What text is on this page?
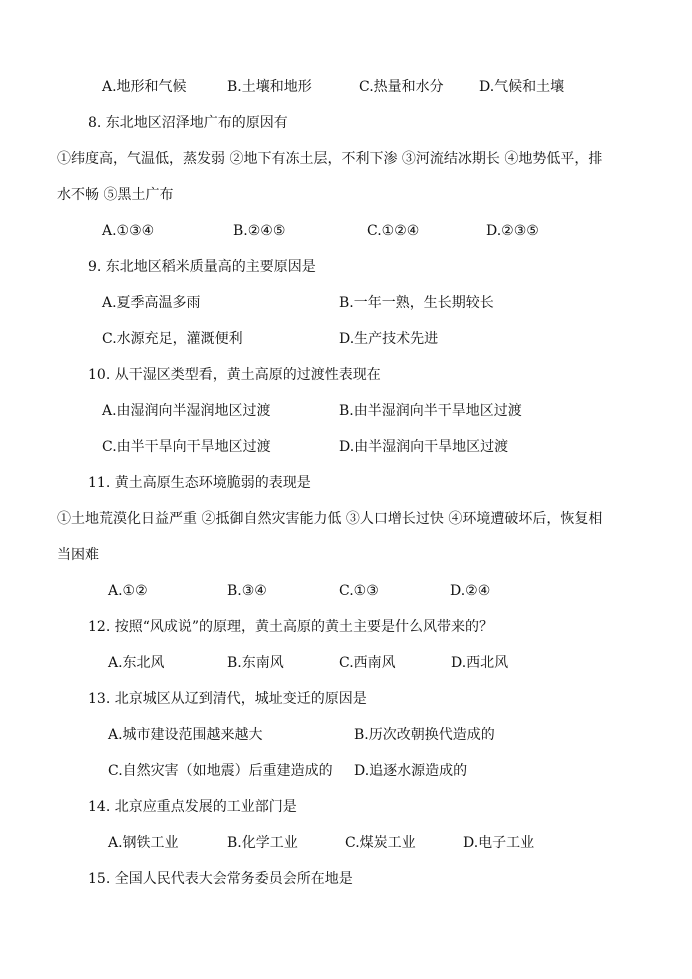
A.地形和气候	B.土壤和地形	C.热量和水分	D.气候和土壤
8. 东北地区沼泽地广布的原因有
①纬度高，气温低，蒸发弱 ②地下有冻土层，不利下渗 ③河流结冰期长 ④地势低平，排
水不畅 ⑤黑土广布
A.①③④	B.②④⑤	C.①②④	D.②③⑤
9. 东北地区稻米质量高的主要原因是
A.夏季高温多雨	B.一年一熟，生长期较长
C.水源充足，灌溉便利	D.生产技术先进
10. 从干湿区类型看，黄土高原的过渡性表现在
A.由湿润向半湿润地区过渡	B.由半湿润向半干旱地区过渡
C.由半干旱向干旱地区过渡	D.由半湿润向干旱地区过渡
11. 黄土高原生态环境脆弱的表现是
①土地荒漠化日益严重 ②抵御自然灾害能力低 ③人口增长过快 ④环境遭破坏后，恢复相
当困难
A.①②	B.③④	C.①③	D.②④
12. 按照“风成说”的原理，黄土高原的黄土主要是什么风带来的？
A.东北风	B.东南风	C.西南风	D.西北风
13. 北京城区从辽到清代，城址变迁的原因是
A.城市建设范围越来越大	B.历次改朝换代造成的
C.自然灾害（如地震）后重建造成的 D.追逐水源造成的
14. 北京应重点发展的工业部门是
A.钢铁工业	B.化学工业	C.煤炭工业	D.电子工业
15. 全国人民代表大会常务委员会所在地是
